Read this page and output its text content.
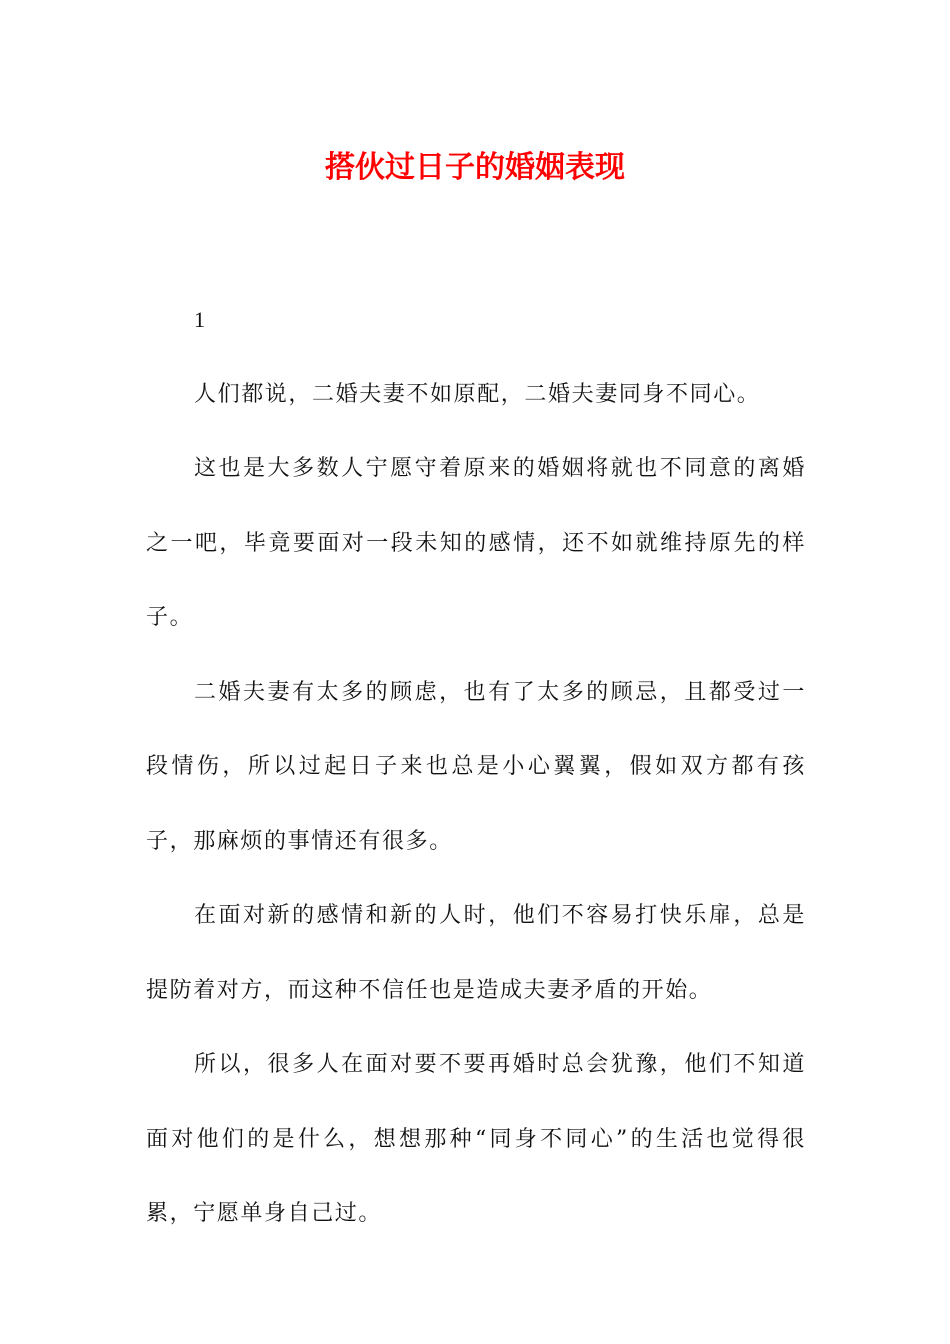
搭伙过日子的婚姻表现

1

人们都说，二婚夫妻不如原配，二婚夫妻同身不同心。

这也是大多数人宁愿守着原来的婚姻将就也不同意的离婚之一吧，毕竟要面对一段未知的感情，还不如就维持原先的样子。

二婚夫妻有太多的顾虑，也有了太多的顾忌，且都受过一段情伤，所以过起日子来也总是小心翼翼，假如双方都有孩子，那麻烦的事情还有很多。

在面对新的感情和新的人时，他们不容易打快乐扉，总是提防着对方，而这种不信任也是造成夫妻矛盾的开始。

所以，很多人在面对要不要再婚时总会犹豫，他们不知道面对他们的是什么，想想那种“同身不同心”的生活也觉得很累，宁愿单身自己过。
